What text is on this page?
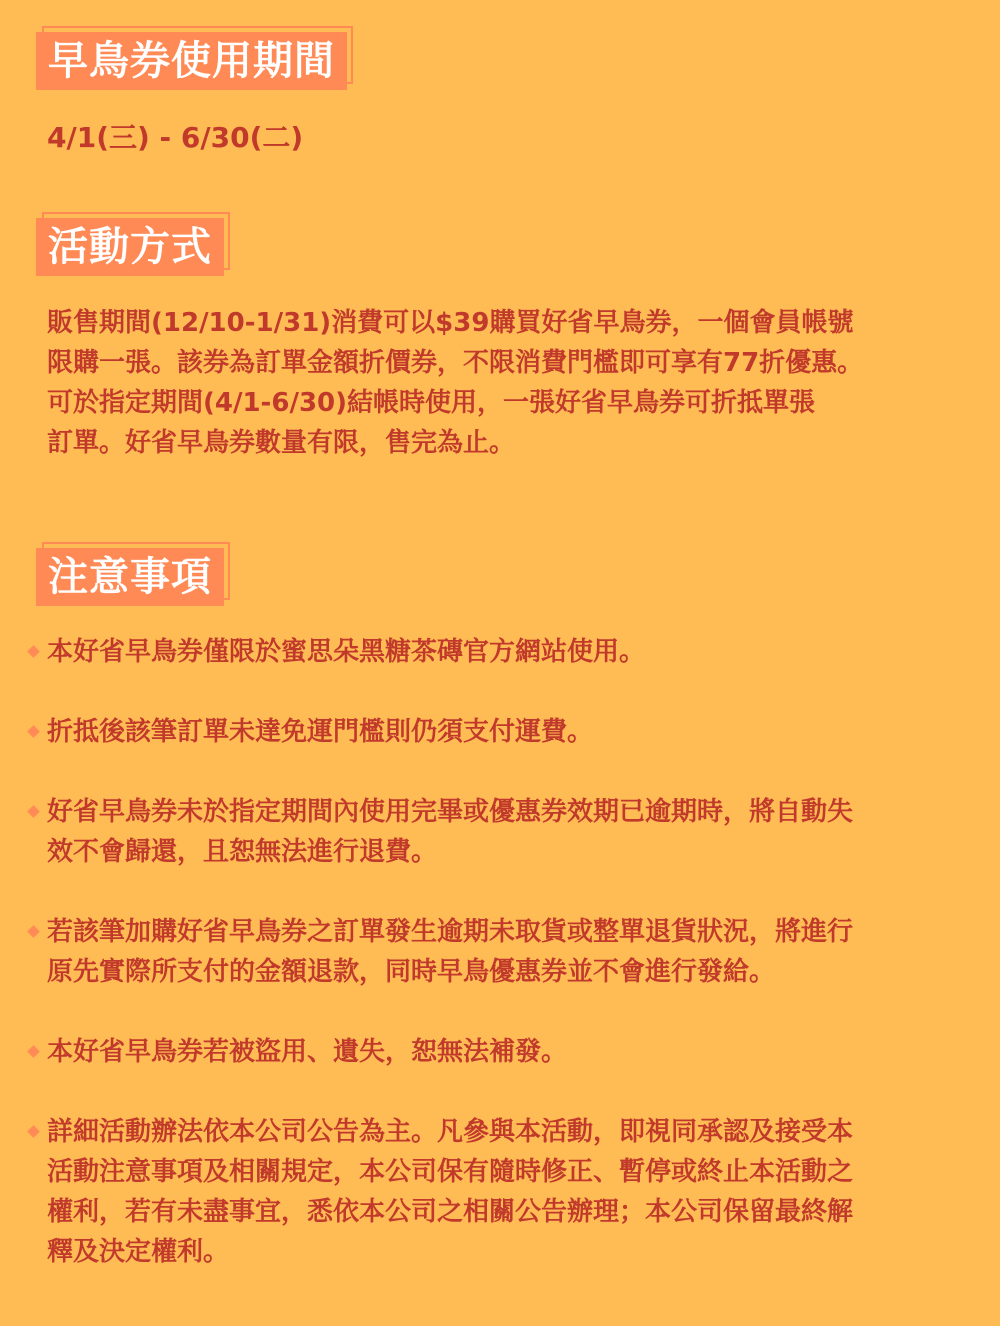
早鳥券使用期間
4/1(三) - 6/30(二)
活動方式
販售期間(12/10-1/31)消費可以$39購買好省早鳥券，一個會員帳號
限購一張。該券為訂單金額折價券，不限消費門檻即可享有77折優惠。
可於指定期間(4/1-6/30)結帳時使用，一張好省早鳥券可折抵單張
訂單。好省早鳥券數量有限，售完為止。
注意事項
本好省早鳥券僅限於蜜思朵黑糖茶磚官方網站使用。
折抵後該筆訂單未達免運門檻則仍須支付運費。
好省早鳥券未於指定期間內使用完畢或優惠券效期已逾期時，將自動失
效不會歸還，且恕無法進行退費。
若該筆加購好省早鳥券之訂單發生逾期未取貨或整單退貨狀況，將進行
原先實際所支付的金額退款，同時早鳥優惠券並不會進行發給。
本好省早鳥券若被盜用、遺失，恕無法補發。
詳細活動辦法依本公司公告為主。凡參與本活動，即視同承認及接受本
活動注意事項及相關規定，本公司保有隨時修正、暫停或終止本活動之
權利，若有未盡事宜，悉依本公司之相關公告辦理；本公司保留最終解
釋及決定權利。
